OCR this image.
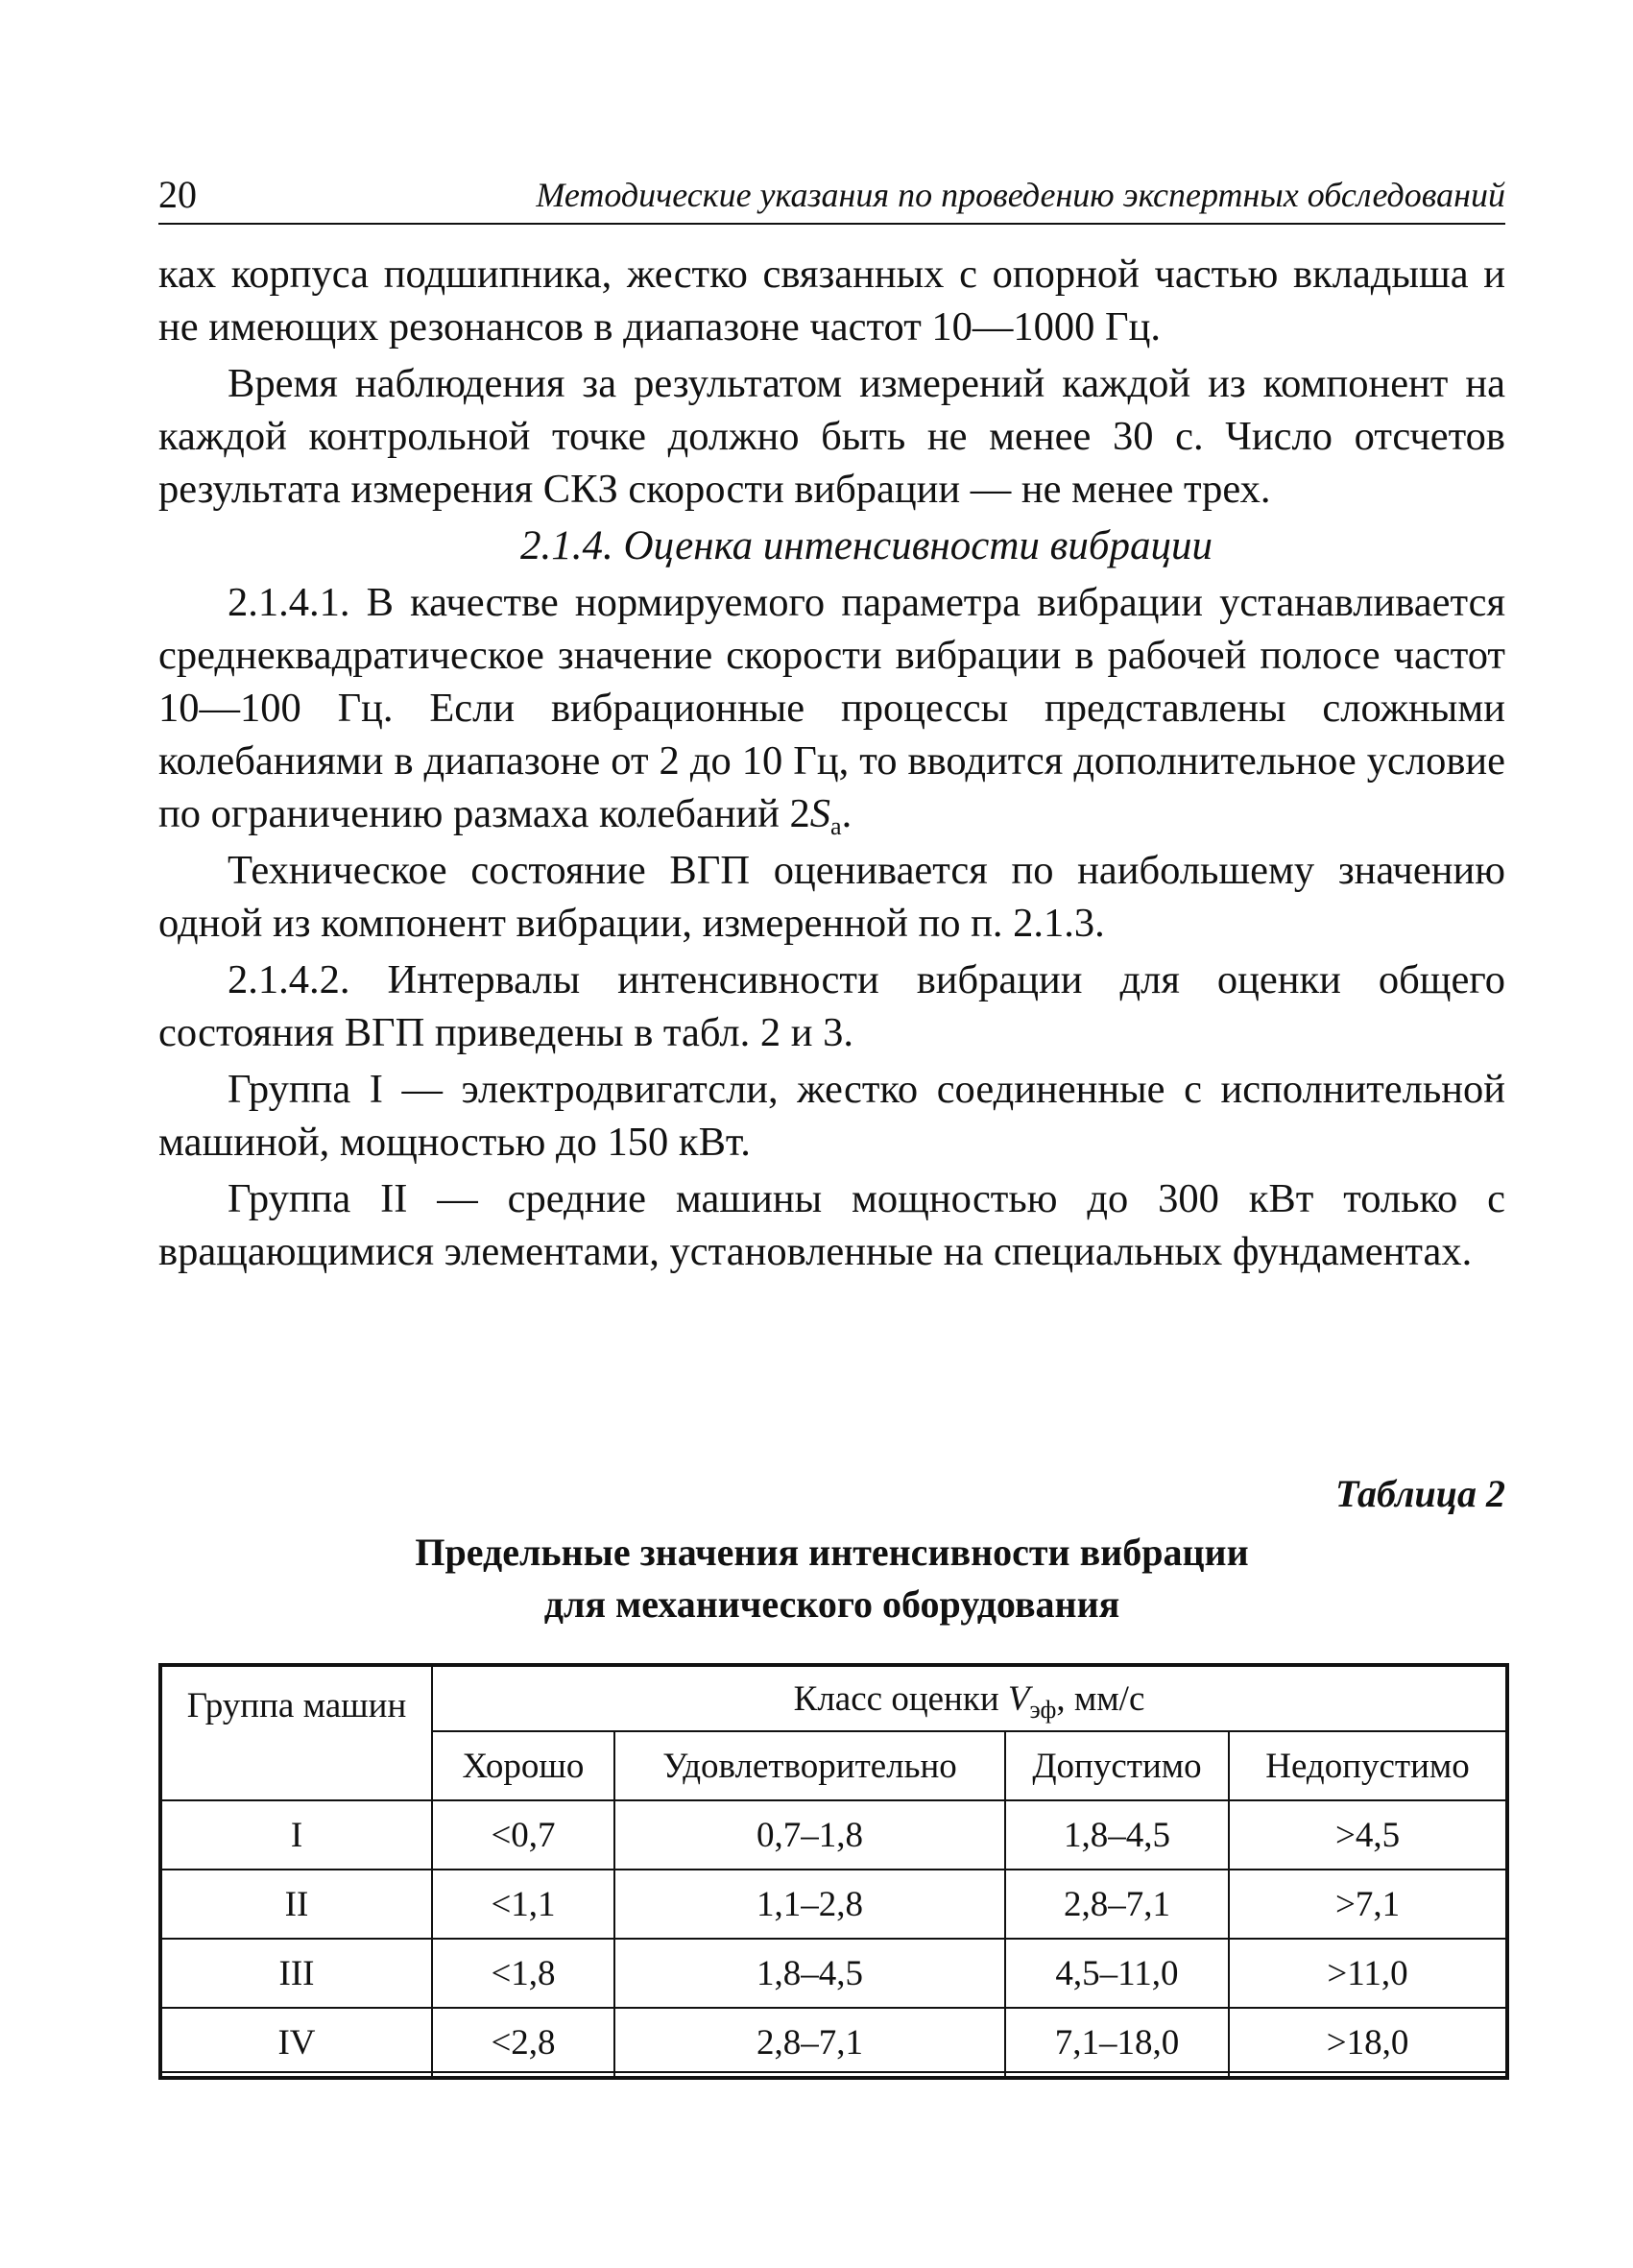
20	Методические указания по проведению экспертных обследований

ках корпуса подшипника, жестко связанных с опорной частью вкладыша и не имеющих резонансов в диапазоне частот 10—1000 Гц.

Время наблюдения за результатом измерений каждой из компонент на каждой контрольной точке должно быть не менее 30 с. Число отсчетов результата измерения СКЗ скорости вибрации — не менее трех.

2.1.4. Оценка интенсивности вибрации

2.1.4.1. В качестве нормируемого параметра вибрации устанавливается среднеквадратическое значение скорости вибрации в рабочей полосе частот 10—100 Гц. Если вибрационные процессы представлены сложными колебаниями в диапазоне от 2 до 10 Гц, то вводится дополнительное условие по ограничению размаха колебаний $2S_а$.

Техническое состояние ВГП оценивается по наибольшему значению одной из компонент вибрации, измеренной по п. 2.1.3.

2.1.4.2. Интервалы интенсивности вибрации для оценки общего состояния ВГП приведены в табл. 2 и 3.

Группа I — электродвигатсли, жестко соединенные с исполнительной машиной, мощностью до 150 кВт.

Группа II — средние машины мощностью до 300 кВт только с вращающимися элементами, установленные на специальных фундаментах.

Таблица 2
Предельные значения интенсивности вибрации
для механического оборудования
Группа машин	Класс оценки $V_{эф}$, мм/с			
	Хорошо	Удовлетворительно	Допустимо	Недопустимо
I	<0,7	0,7–1,8	1,8–4,5	>4,5
II	<1,1	1,1–2,8	2,8–7,1	>7,1
III	<1,8	1,8–4,5	4,5–11,0	>11,0
IV	<2,8	2,8–7,1	7,1–18,0	>18,0
